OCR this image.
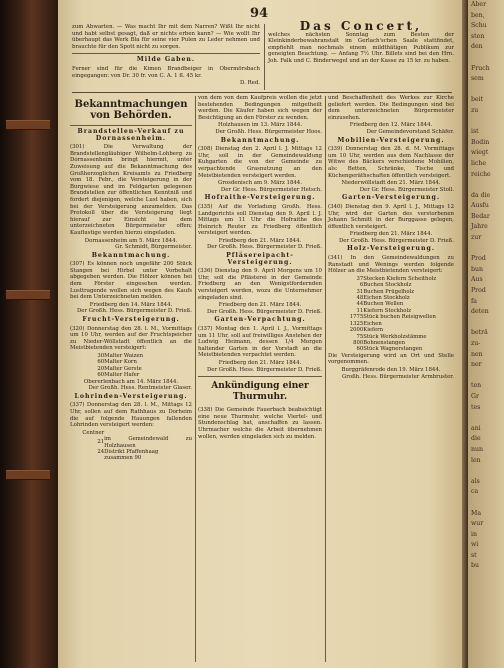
94

zum Abwarten. — Was macht Ihr mit dem Narren? Wißt Ihr nicht und habt selbst gesagt, daß er nichts erben kann? — Wie wollt Ihr überhaupt das Werk Bla für seine vier Pulen zu Leder nehmen und brauchte für den Spott nicht zu sorgen.

Milde Gaben.

Ferner sind für die Kimen Brandbeiger in Obermörsbach eingegangen: von Dr. 30 fr. von C. A. 1 fl. 45 kr.

D. Red.
Das Concert,

welches nächsten Sonntag zum Besten der Kleinkinderbewahranstalt im Gerlach'schen Saale stattfindet, empfiehlt man nochmals einem mildthätigen Publikum zur geneigten Beachtung. — Anfang 7½ Uhr. Billets sind bei den Hrn. Joh. Falk und C. Binderwegel und an der Kasse zu 15 kr. zu haben.

Bekanntmachungen von Behörden.
Brandstellen-Verkauf zu Dornassenheim.

(301) Die Verwaltung der Brandstellengläubiger Wilhelm-Lohberg zu Dornassenheim bringt hiermit, unter Zuweisung auf die Bekanntmachung des Großherzoglichen Kreisamts zu Friedberg vom 18. Febr., die Versteigerung in der Burgwiese und im Feldgarten gelegenen Brandstellen zur öffentlichen Kenntniß und fordert diejenigen, welche Lust haben, sich bei der Versteigerung anzumelden. Das Protokoll über die Versteigerung liegt hierauf zur Einsicht bei dem unterzeichneten Bürgermeister offen; Kauflustige werden hierzu eingeladen.

Dornassenheim am 5. März 1844.
Gr. Schmidt, Bürgermeister.
Bekanntmachung.

(307) Es können noch ungefähr 200 Stück Stangen bei Hirbel unter Vorbehalt abgegeben werden. Die Hölzer können bei dem Förster eingesehen werden. Lusttragende wollen sich wegen des Kaufs bei dem Unterzeichneten melden.

Friedberg den 14. März 1844.
Der Großh. Hess. Bürgermeister D. Frieß.
Frucht-Versteigerung.

(320) Donnerstag den 28. l. M., Vormittags um 10 Uhr, werden auf der Fruchtspeicher zu Nieder-Wöllstadt öffentlich an die Meistbietenden versteigert:

30	Malter Waizen
60	Malter Korn
20	Malter Gerste
60	Malter Hafer
Obererlenbach am 14. März 1844.
Der Großh. Hess. Rentmeister Glaser.
Lohrinden-Versteigerung.

(337) Donnerstag den 28. l. M., Mittags 12 Uhr, sollen auf dem Rathhaus zu Dorheim die auf folgende Hauungen fallenden Lohrinden versteigert werden:

Centner	
21	im Gemeindewald zu Holzhausen
24	Distrikt Pfaffenhaag
	zusammen 90

von dem von dem Kaufpreis wollen die jetzt bestehenden Bedingungen mitgetheilt werden. Die Käufer haben sich wegen der Besichtigung an den Förster zu wenden.

Holzhausen im 13. März 1844.
Der Großh. Hess. Bürgermeister Hoos.
Bekanntmachung.

(308) Dienstag den 2. April l. J. Mittags 12 Uhr, soll in der Gemeindewaldung Kuhgarten die von der Gemeinde zu verpachtende Grasnutzung an den Meistbietenden versteigert werden.

Grosdenisch am 9. März 1844.
Der Gr. Hess. Bürgermeister Hetsch.
Hofraithe-Versteigerung.

(335) Auf die Vorladung Großh. Hess. Landgerichts soll Dienstag den 9. April l. J. Mittags um 11 Uhr die Hofraithe des Heinrich Reuter zu Friedberg öffentlich versteigert werden.

Friedberg den 21. März 1844.
Der Großh. Hess. Bürgermeister D. Frieß.
Pfläsereipacht-Versteigerung.

(336) Dienstag den 9. April Morgens um 10 Uhr, soll die Pflästerei in der Gemeinde Friedberg an den Wenigstfordernden versteigert werden, wozu die Unternehmer eingeladen sind.

Friedberg den 21. März 1844.
Der Großh. Hess. Bürgermeister D. Frieß.
Garten-Verpachtung.

(337) Montag den 1. April l. J., Vormittags um 11 Uhr, soll auf freiwilliges Anstehen der Ludwig Heimann, dessen 1/4 Morgen haltender Garten in der Vorstadt an die Meistbietenden verpachtet werden.

Friedberg den 21. März 1844.
Der Großh. Hess. Bürgermeister D. Frieß.
Ankündigung einer Thurmuhr.

(338) Die Gemeinde Fauerbach beabsichtigt eine neue Thurmuhr, welche Viertel- und Stundenschlag hat, anschaffen zu lassen. Uhrmacher welche die Arbeit übernehmen wollen, werden eingeladen sich zu melden.

und Beschaffenheit des Werkes zur Kirche geliefert werden. Die Bedingungen sind bei dem unterzeichneten Bürgermeister einzusehen.

Friedberg den 12. März 1844.
Der Gemeindevorstand Schäfer.
Mobilien-Versteigerung.

(339) Donnerstag den 28. d. M. Vormittags um 10 Uhr, werden aus dem Nachlasse der Witwe des Bäckers verschiedene Mobilien, als: Betten, Schränke, Tische und Küchengeräthschaften öffentlich versteigert.

Niederwöllstadt den 21. März 1844.
Der Gr. Hess. Bürgermeister Stoll.
Garten-Versteigerung.

(340) Dienstag den 9. April l. J., Mittags 12 Uhr, wird der Garten des verstorbenen Johann Schmitt in der Burggasse gelegen, öffentlich versteigert.

Friedberg den 21. März 1844.
Der Großh. Hess. Bürgermeister D. Frieß.
Holz-Versteigerung.

(341) In den Gemeindewaldungen zu Ranstadt und Wenings werden folgende Hölzer an die Meistbietenden versteigert:

37	Stecken Kiefern Scheitholz
6	Buchen Stockholz
31	Buchen Prügelholz
48	Eichen Stockholz
44	Buchen Wellen
11	Kiefern Stockholz
1775	Stück buchen Reisigwellen
1325	Eichen
2000	Kiefern
75	Stück Werkholzstämme
800	Bohnenstangen
60	Stück Wagnerstangen

Die Versteigerung wird an Ort und Stelle vorgenommen.

Burggräfenrode den 19. März 1844.
Großh. Hess. Bürgermeister Armbruster.
Aber
ben,
Schu
sten
den

Fruch
sem

beit
zu

ist
Bodin
wiegt
liche
reiche

da die
Ausfu
Bedar
Jahre
zur

Prod
bun
Aus
Prod
fa
deten

beträ
zu-
nen
ner

ten
Gr
tes

ani
die
nun
len

als
ca

Ma
wur
in
wi
st
bu
